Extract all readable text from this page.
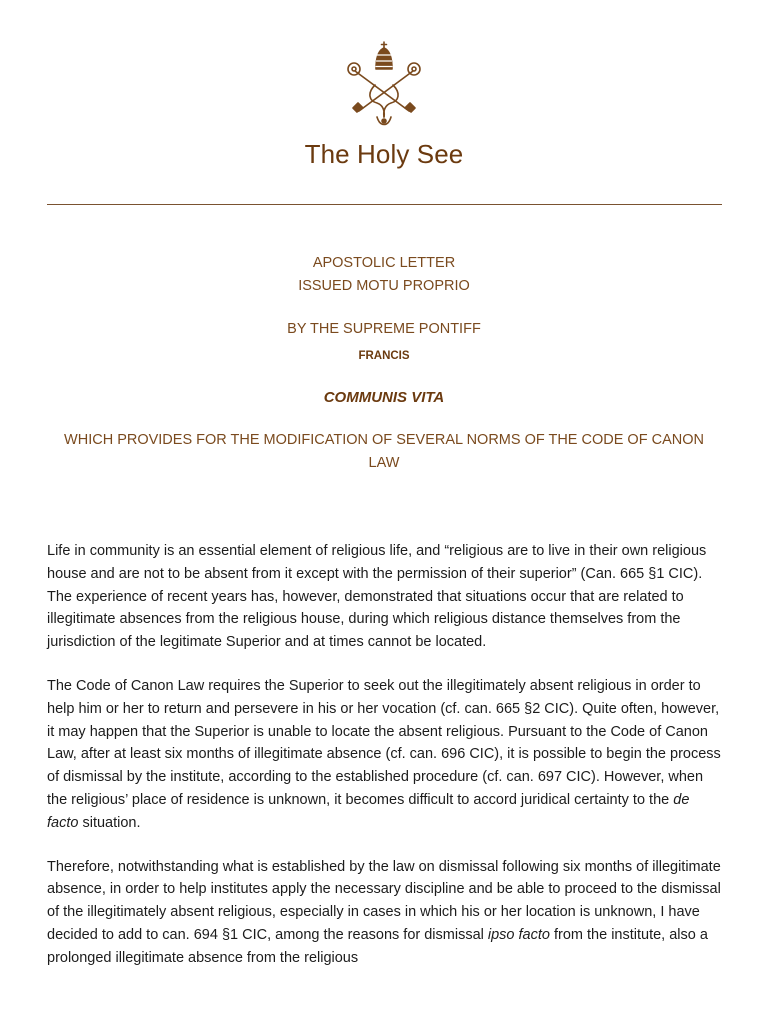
The Holy See
APOSTOLIC LETTER
ISSUED MOTU PROPRIO
BY THE SUPREME PONTIFF
FRANCIS
COMMUNIS VITA
WHICH PROVIDES FOR THE MODIFICATION OF SEVERAL NORMS OF THE CODE OF CANON LAW

Life in community is an essential element of religious life, and “religious are to live in their own religious house and are not to be absent from it except with the permission of their superior” (Can. 665 §1 CIC). The experience of recent years has, however, demonstrated that situations occur that are related to illegitimate absences from the religious house, during which religious distance themselves from the jurisdiction of the legitimate Superior and at times cannot be located.

The Code of Canon Law requires the Superior to seek out the illegitimately absent religious in order to help him or her to return and persevere in his or her vocation (cf. can. 665 §2 CIC). Quite often, however, it may happen that the Superior is unable to locate the absent religious. Pursuant to the Code of Canon Law, after at least six months of illegitimate absence (cf. can. 696 CIC), it is possible to begin the process of dismissal by the institute, according to the established procedure (cf. can. 697 CIC). However, when the religious’ place of residence is unknown, it becomes difficult to accord juridical certainty to the de facto situation.

Therefore, notwithstanding what is established by the law on dismissal following six months of illegitimate absence, in order to help institutes apply the necessary discipline and be able to proceed to the dismissal of the illegitimately absent religious, especially in cases in which his or her location is unknown, I have decided to add to can. 694 §1 CIC, among the reasons for dismissal ipso facto from the institute, also a prolonged illegitimate absence from the religious
